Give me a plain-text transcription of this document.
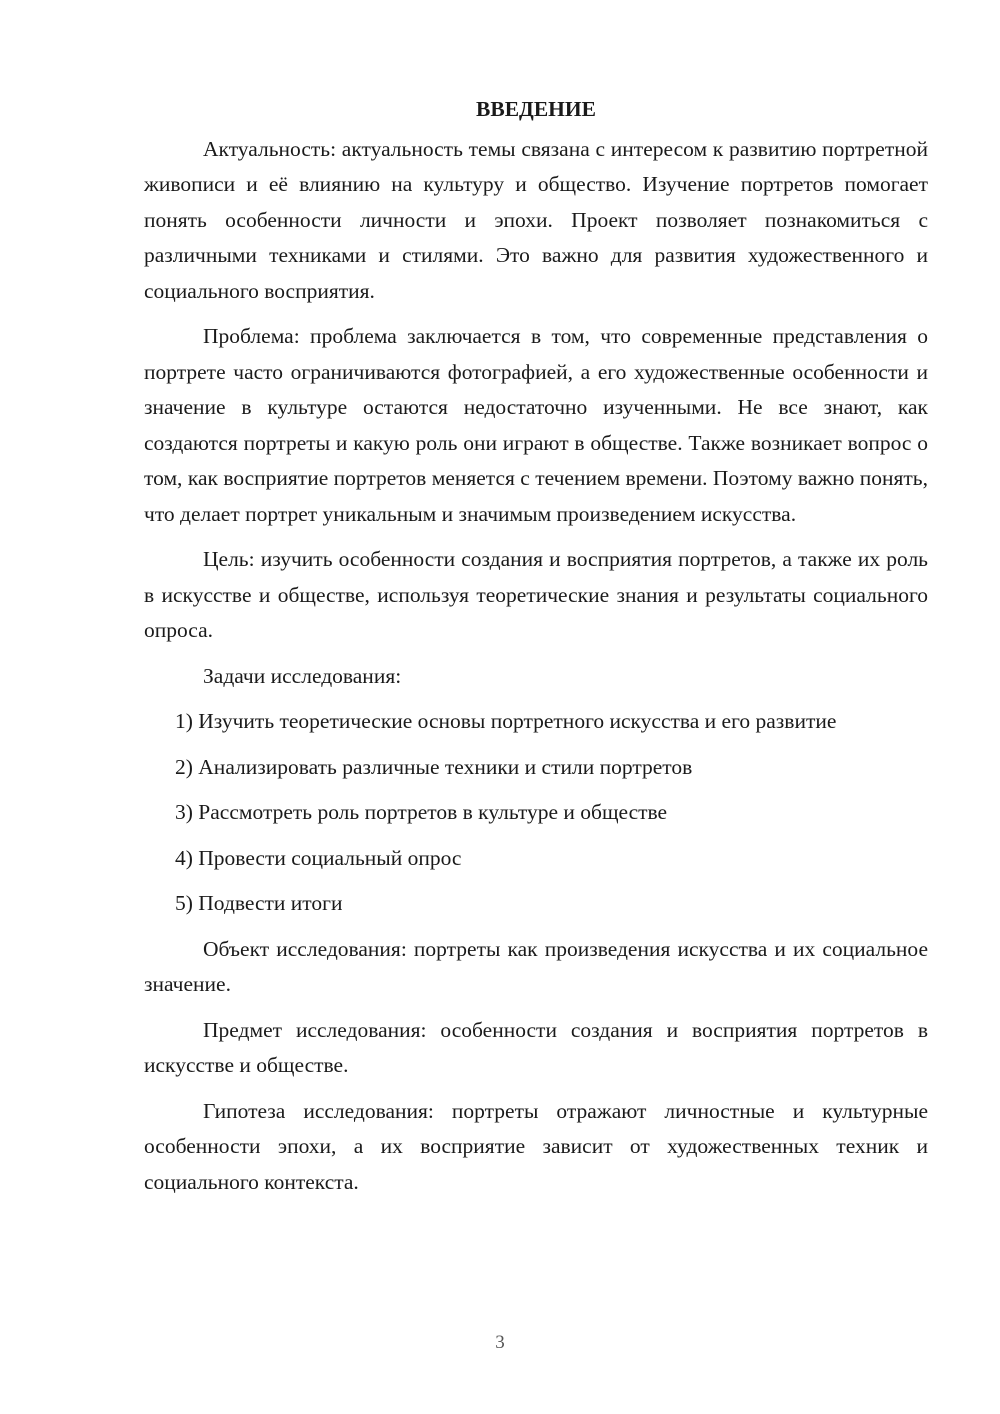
ВВЕДЕНИЕ

Актуальность: актуальность темы связана с интересом к развитию портретной живописи и её влиянию на культуру и общество. Изучение портретов помогает понять особенности личности и эпохи. Проект позволяет познакомиться с различными техниками и стилями. Это важно для развития художественного и социального восприятия.

Проблема: проблема заключается в том, что современные представления о портрете часто ограничиваются фотографией, а его художественные особенности и значение в культуре остаются недостаточно изученными. Не все знают, как создаются портреты и какую роль они играют в обществе. Также возникает вопрос о том, как восприятие портретов меняется с течением времени. Поэтому важно понять, что делает портрет уникальным и значимым произведением искусства.

Цель: изучить особенности создания и восприятия портретов, а также их роль в искусстве и обществе, используя теоретические знания и результаты социального опроса.

Задачи исследования:

1) Изучить теоретические основы портретного искусства и его развитие

2) Анализировать различные техники и стили портретов

3) Рассмотреть роль портретов в культуре и обществе

4) Провести социальный опрос

5) Подвести итоги

Объект исследования: портреты как произведения искусства и их социальное значение.

Предмет исследования: особенности создания и восприятия портретов в искусстве и обществе.

Гипотеза исследования: портреты отражают личностные и культурные особенности эпохи, а их восприятие зависит от художественных техник и социального контекста.

3
